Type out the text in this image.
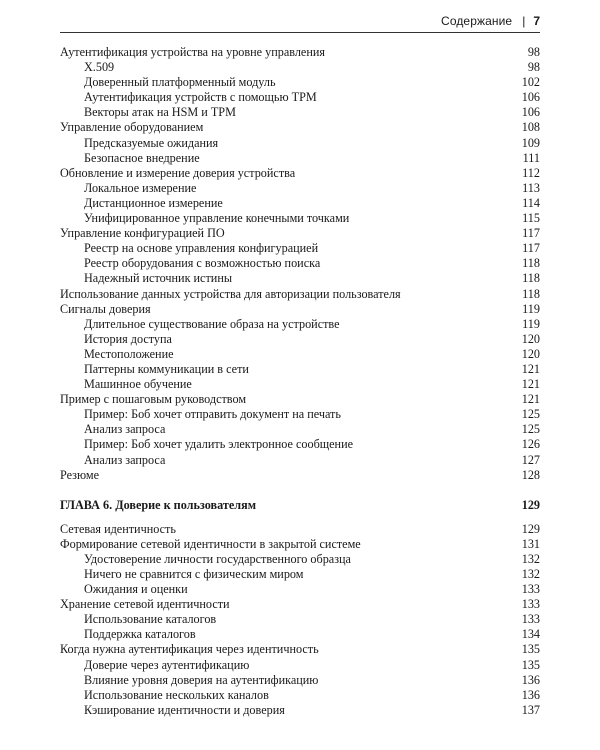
Содержание | 7
Аутентификация устройства на уровне управления	98
X.509	98
Доверенный платформенный модуль	102
Аутентификация устройств с помощью TPM	106
Векторы атак на HSM и TPM	106
Управление оборудованием	108
Предсказуемые ожидания	109
Безопасное внедрение	111
Обновление и измерение доверия устройства	112
Локальное измерение	113
Дистанционное измерение	114
Унифицированное управление конечными точками	115
Управление конфигурацией ПО	117
Реестр на основе управления конфигурацией	117
Реестр оборудования с возможностью поиска	118
Надежный источник истины	118
Использование данных устройства для авторизации пользователя	118
Сигналы доверия	119
Длительное существование образа на устройстве	119
История доступа	120
Местоположение	120
Паттерны коммуникации в сети	121
Машинное обучение	121
Пример с пошаговым руководством	121
Пример: Боб хочет отправить документ на печать	125
Анализ запроса	125
Пример: Боб хочет удалить электронное сообщение	126
Анализ запроса	127
Резюме	128
ГЛАВА 6. Доверие к пользователям	129
Сетевая идентичность	129
Формирование сетевой идентичности в закрытой системе	131
Удостоверение личности государственного образца	132
Ничего не сравнится с физическим миром	132
Ожидания и оценки	133
Хранение сетевой идентичности	133
Использование каталогов	133
Поддержка каталогов	134
Когда нужна аутентификация через идентичность	135
Доверие через аутентификацию	135
Влияние уровня доверия на аутентификацию	136
Использование нескольких каналов	136
Кэширование идентичности и доверия	137
